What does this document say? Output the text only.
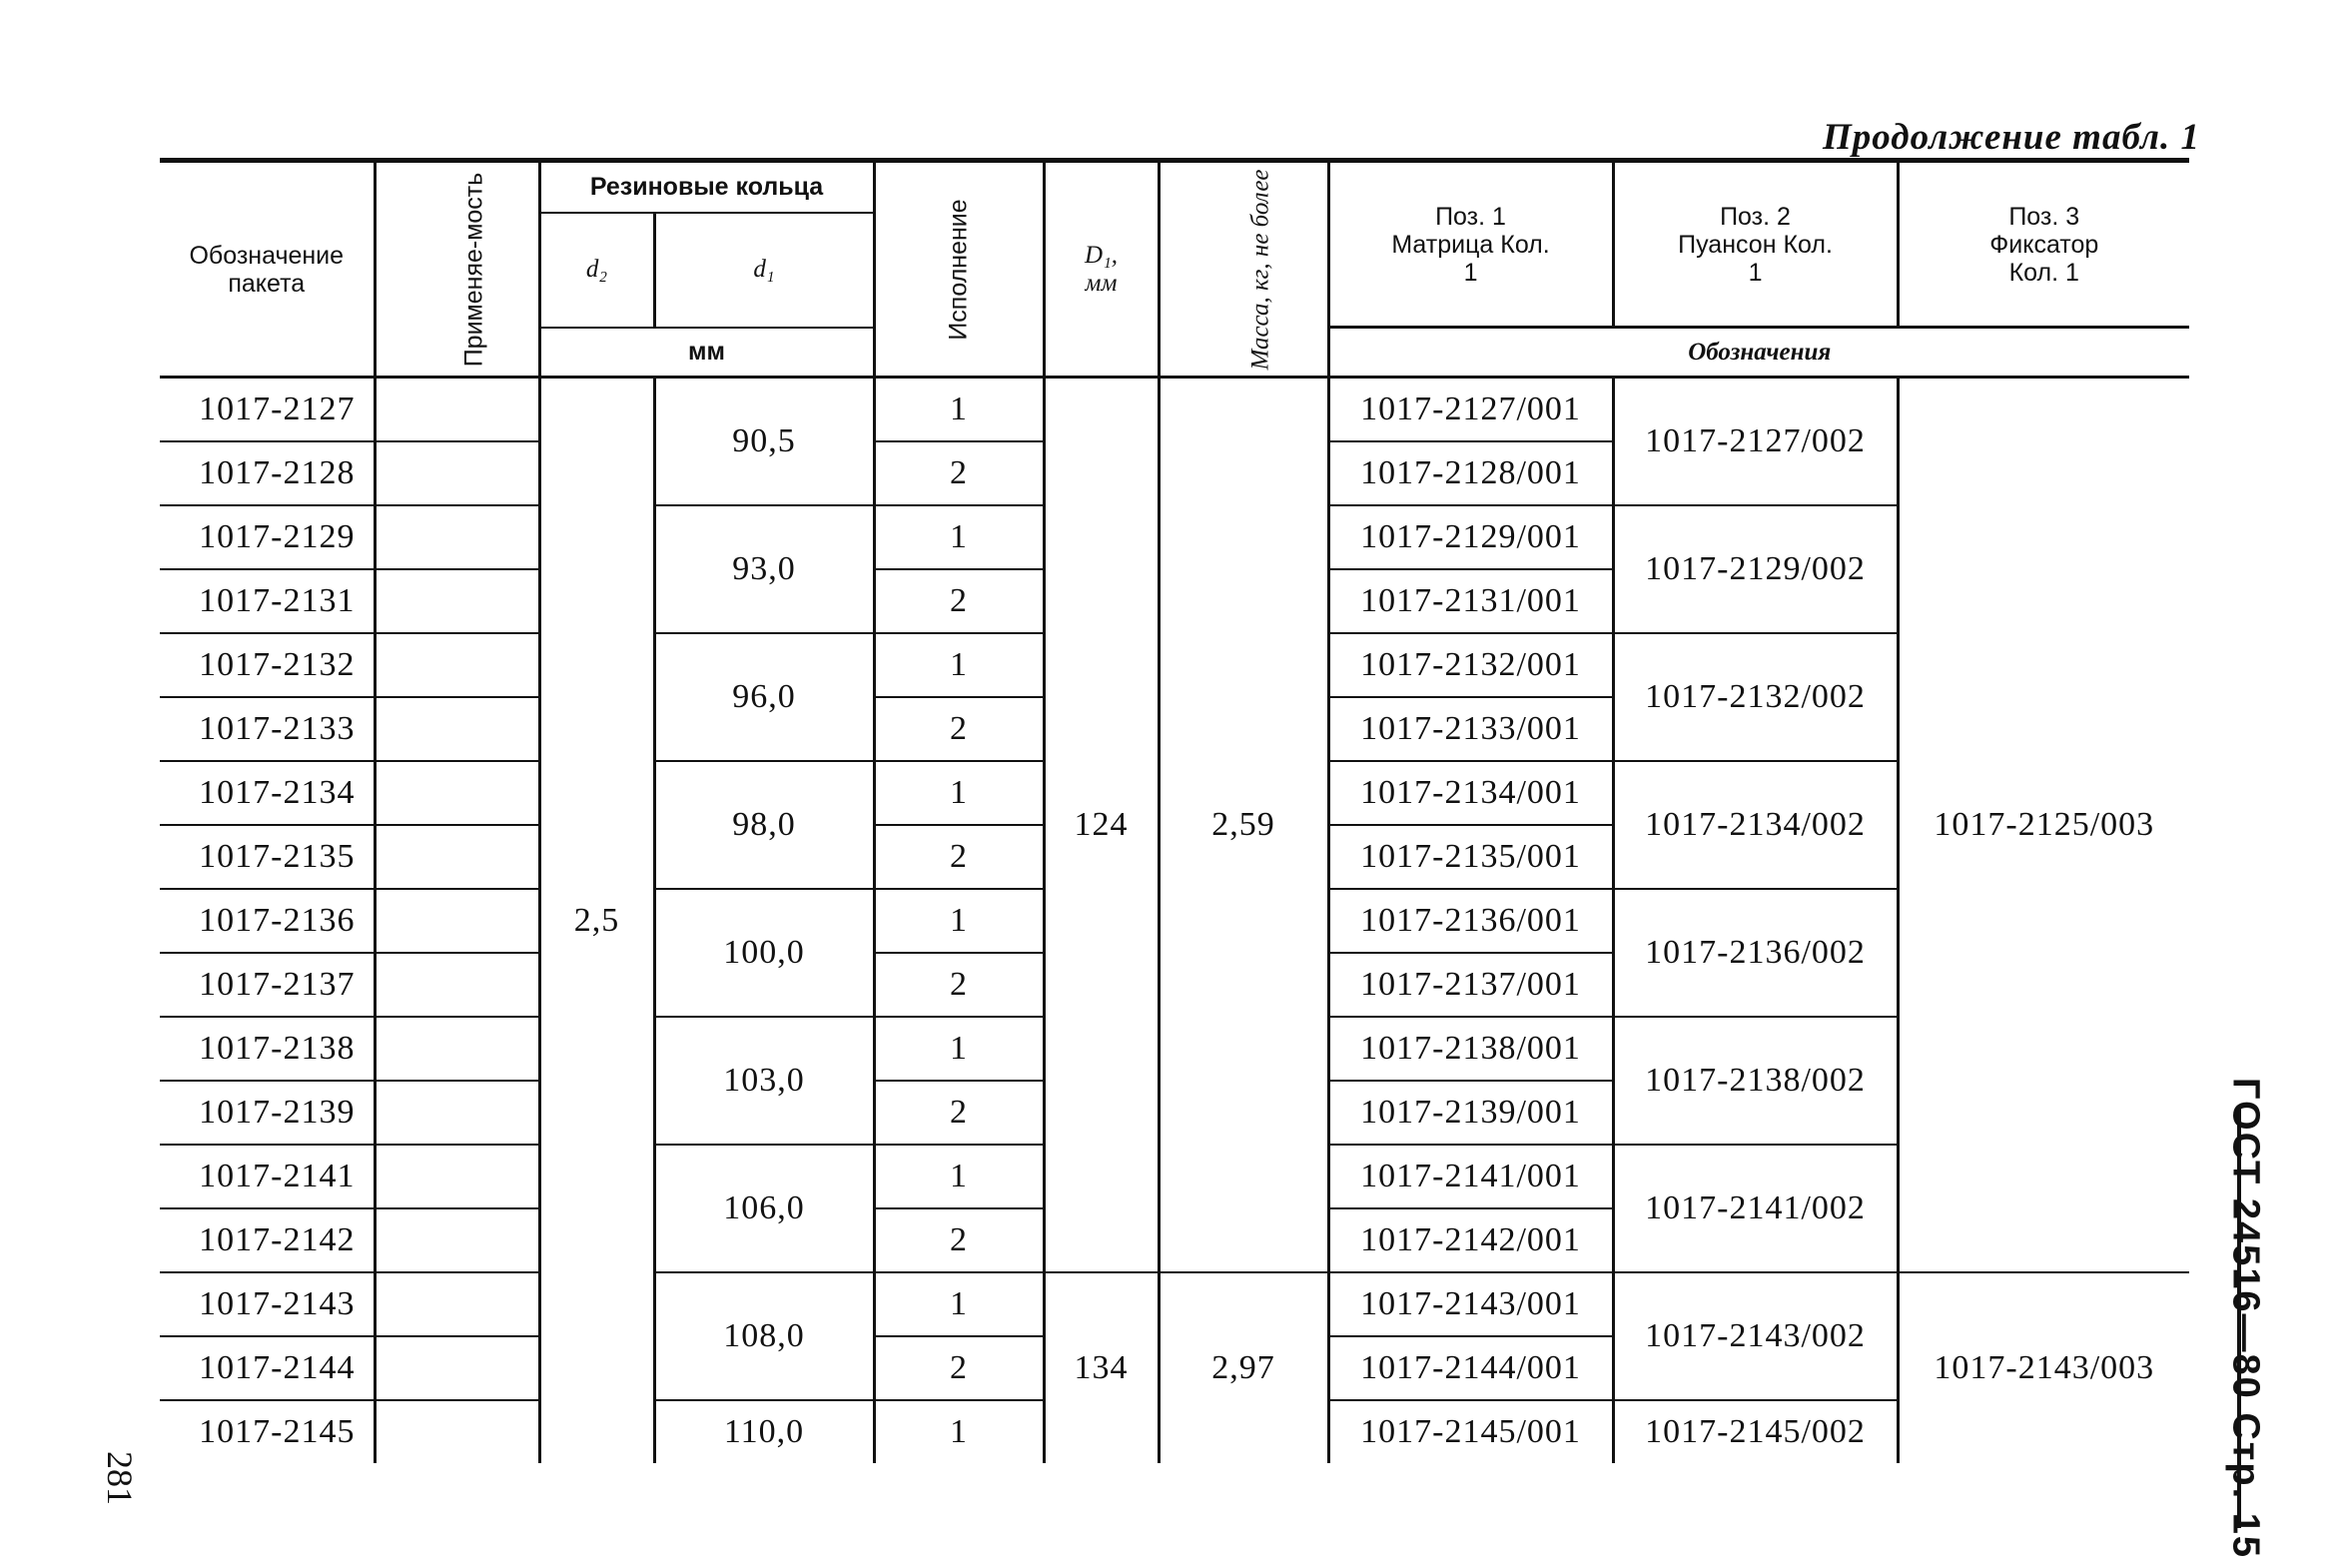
Продолжение табл. 1
Обозначение пакета	Применяе-мость	Резиновые кольца		Исполнение	D₁, мм	Масса, кг, не более	Поз. 1 Матрица Кол. 1	Поз. 2 Пуансон Кол. 1	Поз. 3 Фиксатор Кол. 1

		d₂	d₁						
		мм					Обозначения		
1017-2127		2,5	90,5	1	124	2,59	1017-2127/001	1017-2127/002	1017-2125/003
1017-2128				2			1017-2128/001		
1017-2129			93,0	1			1017-2129/001	1017-2129/002	
1017-2131				2			1017-2131/001		
1017-2132			96,0	1			1017-2132/001	1017-2132/002	
1017-2133				2			1017-2133/001		
1017-2134			98,0	1			1017-2134/001	1017-2134/002	
1017-2135				2			1017-2135/001		
1017-2136			100,0	1			1017-2136/001	1017-2136/002	
1017-2137				2			1017-2137/001		
1017-2138			103,0	1			1017-2138/001	1017-2138/002	
1017-2139				2			1017-2139/001		
1017-2141			106,0	1			1017-2141/001	1017-2141/002	
1017-2142				2			1017-2142/001		
1017-2143			108,0	1	134	2,97	1017-2143/001	1017-2143/002	1017-2143/003
1017-2144				2			1017-2144/001		
1017-2145			110,0	1			1017-2145/001	1017-2145/002		ГОСТ 24516—80 Стр. 15
281
